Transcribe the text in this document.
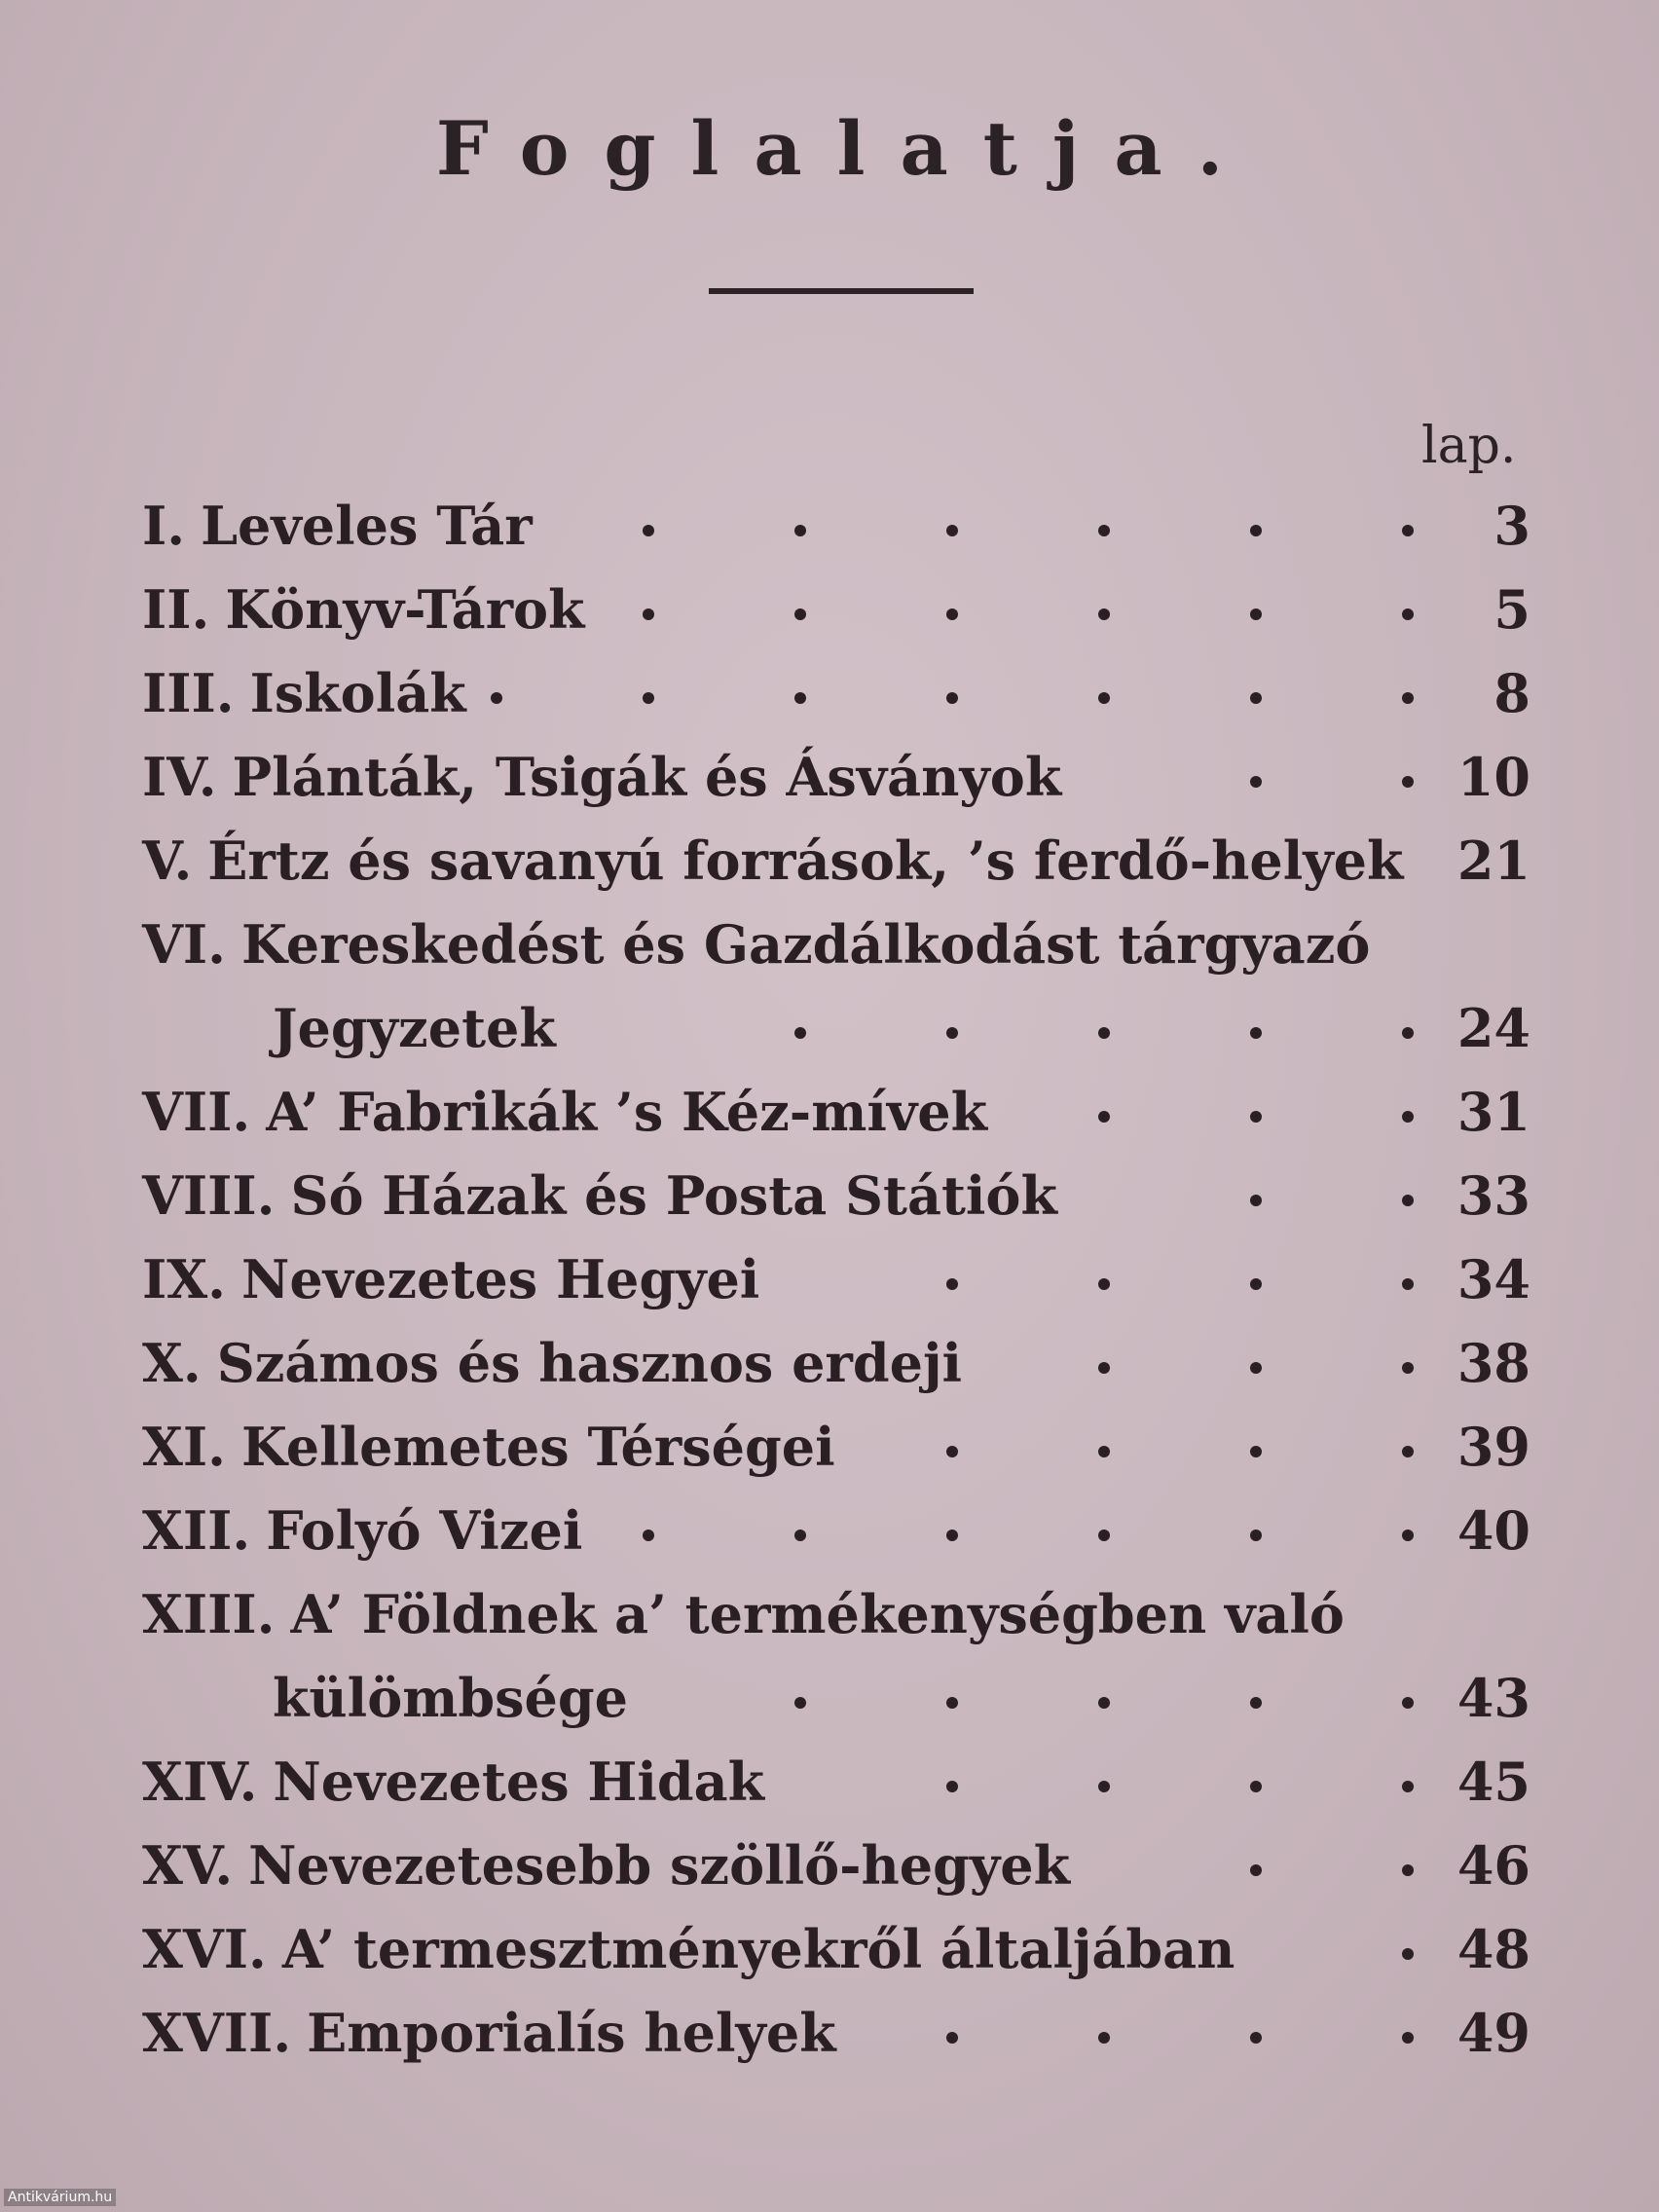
Foglalatja.
lap.
I. Leveles Tár	3
II. Könyv-Tárok	5
III. Iskolák	8
IV. Plánták, Tsigák és Ásványok	10
V. Értz és savanyú források, ’s ferdő-helyek 21
VI. Kereskedést és Gazdálkodást tárgyazó
Jegyzetek	24
VII. A’ Fabrikák ’s Kéz-mívek	31
VIII. Só Házak és Posta Státiók	33
IX. Nevezetes Hegyei	34
X. Számos és hasznos erdeji	38
XI. Kellemetes Térségei	39
XII. Folyó Vizei	40
XIII. A’ Földnek a’ termékenységben való
külömbsége	43
XIV. Nevezetes Hidak	45
XV. Nevezetesebb szöllő-hegyek	46
XVI. A’ termesztményekről általjában	48
XVII. Emporialís helyek	49
Antikvárium.hu
